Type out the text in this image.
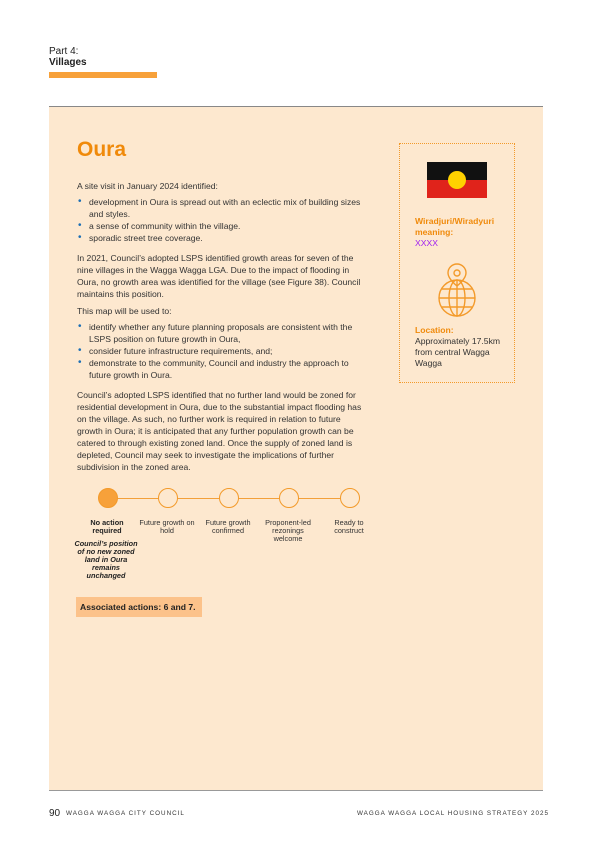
Part 4:
Villages
Oura
A site visit in January 2024 identified:
• development in Oura is spread out with an eclectic mix of building sizes and styles.
• a sense of community within the village.
• sporadic street tree coverage.
In 2021, Council’s adopted LSPS identified growth areas for seven of the nine villages in the Wagga Wagga LGA. Due to the impact of flooding in Oura, no growth area was identified for the village (see Figure 38). Council maintains this position.
This map will be used to:
• identify whether any future planning proposals are consistent with the LSPS position on future growth in Oura,
• consider future infrastructure requirements, and;
• demonstrate to the community, Council and industry the approach to future growth in Oura.
Council’s adopted LSPS identified that no further land would be zoned for residential development in Oura, due to the substantial impact flooding has on the village. As such, no further work is required in relation to future growth in Oura; it is anticipated that any further population growth can be catered to through existing zoned land. Once the supply of zoned land is depleted, Council may seek to investigate the implications of further subdivision in the zoned area.
Wiradjuri/Wiradyuri meaning:
XXXX
Location:
Approximately 17.5km from central Wagga Wagga
No action required
Future growth on hold
Future growth confirmed
Proponent-led rezonings welcome
Ready to construct
Council’s position of no new zoned land in Oura remains unchanged
Associated actions: 6 and 7.
90 WAGGA WAGGA CITY COUNCIL	WAGGA WAGGA LOCAL HOUSING STRATEGY 2025
